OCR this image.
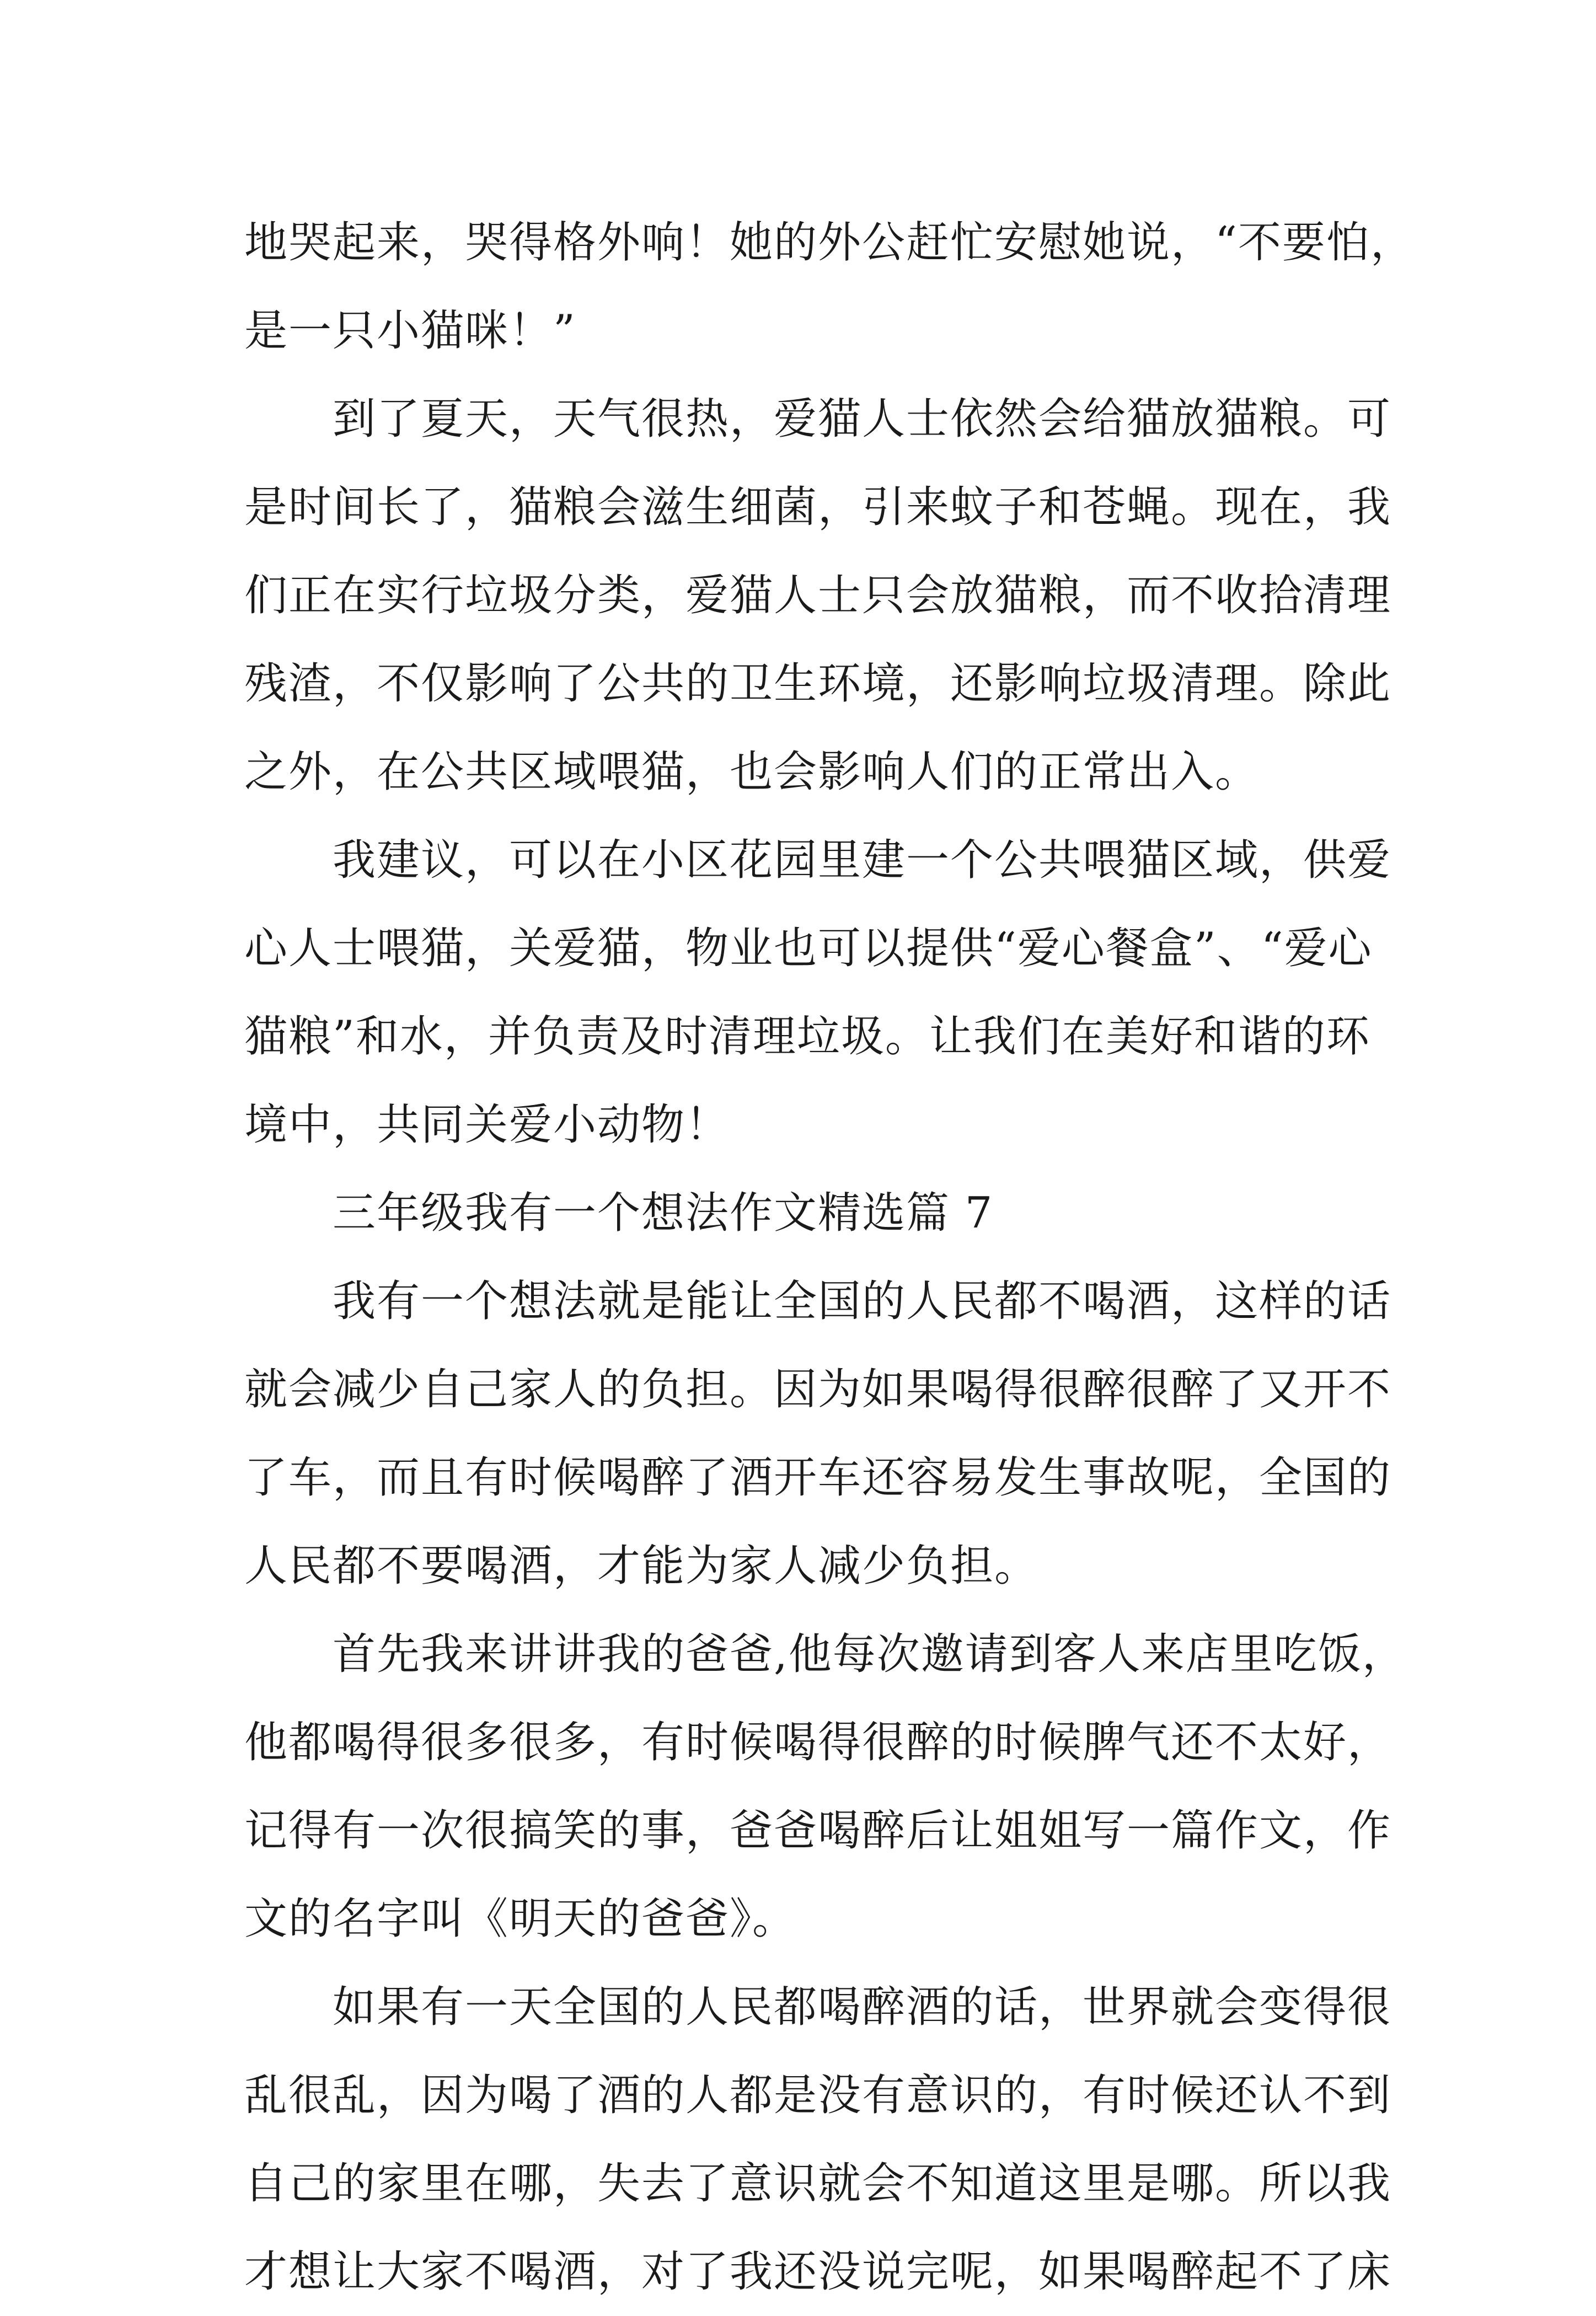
地哭起来，哭得格外响！她的外公赶忙安慰她说，“不要怕，
是一只小猫咪！”
到了夏天，天气很热，爱猫人士依然会给猫放猫粮。可
是时间长了，猫粮会滋生细菌，引来蚊子和苍蝇。现在，我
们正在实行垃圾分类，爱猫人士只会放猫粮，而不收拾清理
残渣，不仅影响了公共的卫生环境，还影响垃圾清理。除此
之外，在公共区域喂猫，也会影响人们的正常出入。
我建议，可以在小区花园里建一个公共喂猫区域，供爱
心人士喂猫，关爱猫，物业也可以提供“爱心餐盒”、“爱心
猫粮”和水，并负责及时清理垃圾。让我们在美好和谐的环
境中，共同关爱小动物！
三年级我有一个想法作文精选篇 7
我有一个想法就是能让全国的人民都不喝酒，这样的话
就会减少自己家人的负担。因为如果喝得很醉很醉了又开不
了车，而且有时候喝醉了酒开车还容易发生事故呢，全国的
人民都不要喝酒，才能为家人减少负担。
首先我来讲讲我的爸爸,他每次邀请到客人来店里吃饭，
他都喝得很多很多，有时候喝得很醉的时候脾气还不太好，
记得有一次很搞笑的事，爸爸喝醉后让姐姐写一篇作文，作
文的名字叫《明天的爸爸》。
如果有一天全国的人民都喝醉酒的话，世界就会变得很
乱很乱，因为喝了酒的人都是没有意识的，有时候还认不到
自己的家里在哪，失去了意识就会不知道这里是哪。所以我
才想让大家不喝酒，对了我还没说完呢，如果喝醉起不了床
